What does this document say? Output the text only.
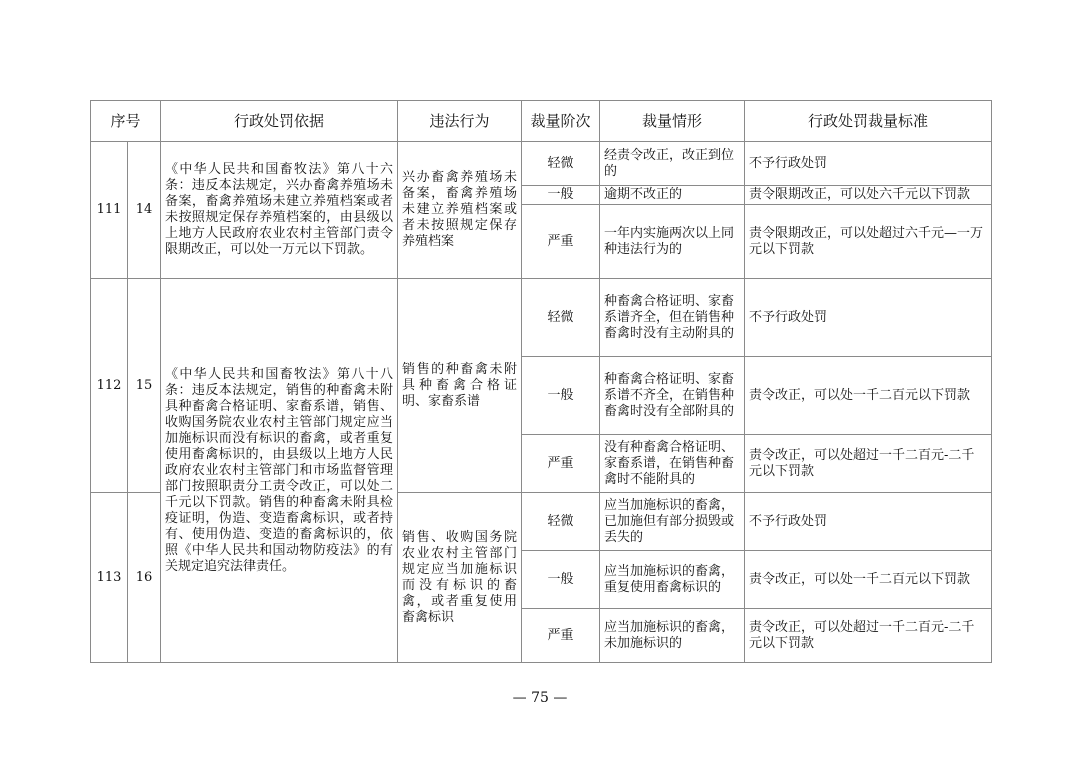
序号		行政处罚依据	违法行为	裁量阶次	裁量情形	行政处罚裁量标准
111	14	《中华人民共和国畜牧法》第八十六条：违反本法规定，兴办畜禽养殖场未备案，畜禽养殖场未建立养殖档案或者未按照规定保存养殖档案的，由县级以上地方人民政府农业农村主管部门责令限期改正，可以处一万元以下罚款。	兴办畜禽养殖场未备案，畜禽养殖场未建立养殖档案或者未按照规定保存养殖档案	轻微	经责令改正，改正到位的	不予行政处罚
				一般	逾期不改正的	责令限期改正，可以处六千元以下罚款
				严重	一年内实施两次以上同种违法行为的	责令限期改正，可以处超过六千元—一万元以下罚款
112	15	《中华人民共和国畜牧法》第八十八条：违反本法规定，销售的种畜禽未附具种畜禽合格证明、家畜系谱，销售、收购国务院农业农村主管部门规定应当加施标识而没有标识的畜禽，或者重复使用畜禽标识的，由县级以上地方人民政府农业农村主管部门和市场监督管理部门按照职责分工责令改正，可以处二千元以下罚款。销售的种畜禽未附具检疫证明，伪造、变造畜禽标识，或者持有、使用伪造、变造的畜禽标识的，依照《中华人民共和国动物防疫法》的有关规定追究法律责任。	销售的种畜禽未附具种畜禽合格证明、家畜系谱	轻微	种畜禽合格证明、家畜系谱齐全，但在销售种畜禽时没有主动附具的	不予行政处罚
				一般	种畜禽合格证明、家畜系谱不齐全，在销售种畜禽时没有全部附具的	责令改正，可以处一千二百元以下罚款
				严重	没有种畜禽合格证明、家畜系谱，在销售种畜禽时不能附具的	责令改正，可以处超过一千二百元-二千元以下罚款
113	16		销售、收购国务院农业农村主管部门规定应当加施标识而没有标识的畜禽，或者重复使用畜禽标识	轻微	应当加施标识的畜禽，已加施但有部分损毁或丢失的	不予行政处罚
				一般	应当加施标识的畜禽，重复使用畜禽标识的	责令改正，可以处一千二百元以下罚款
				严重	应当加施标识的畜禽，未加施标识的	责令改正，可以处超过一千二百元-二千元以下罚款
— 75 —
